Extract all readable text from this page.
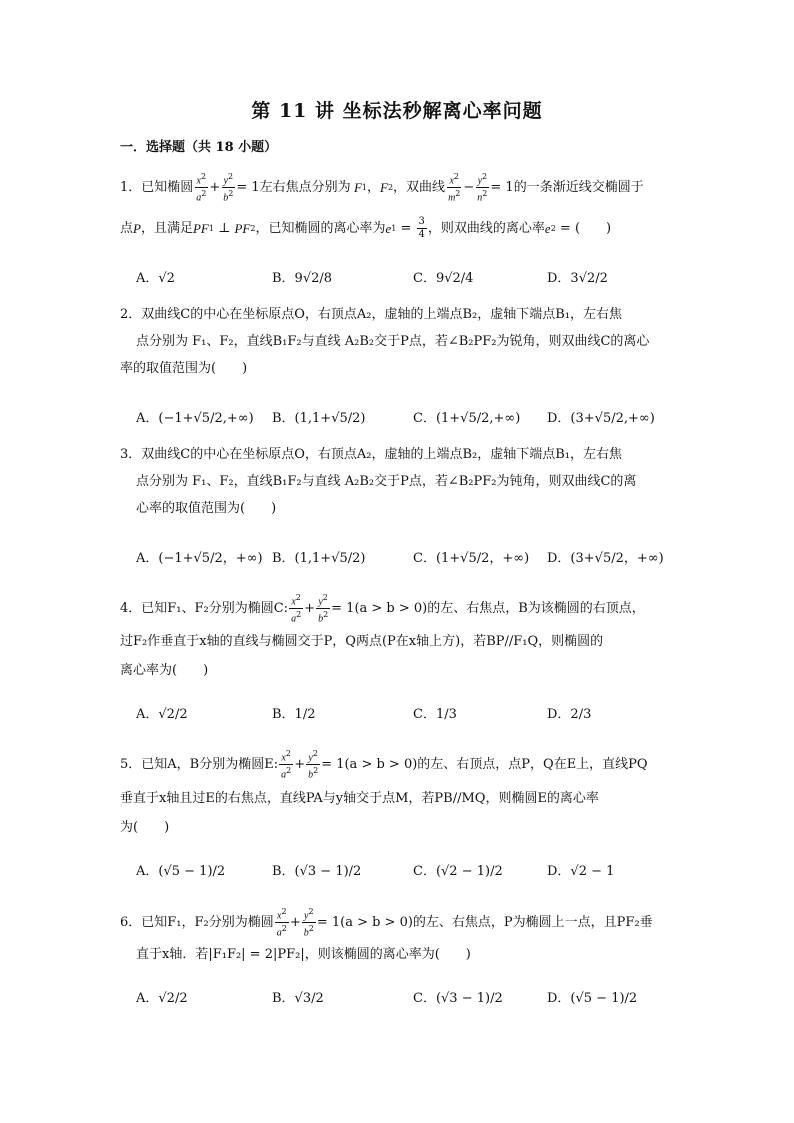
第 11 讲 坐标法秒解离心率问题
一．选择题（共 18 小题）
1．已知椭圆 $\frac{x^2}{a^2} + \frac{y^2}{b^2} = 1$ 左右焦点分别为 F 1 ， F 2 ，双曲线 $\frac{x^2}{m^2} - \frac{y^2}{n^2} = 1$ 的一条渐近线交椭圆于
点 P ，且满足 PF 1 ⊥ PF 2 ，已知椭圆的离心率为 e $1 = \frac{3}{4}$ ，则双曲线的离心率 e 2 = (　　)
A．√2	B．9√2/8	C．9√2/4	D．3√2/2
2．双曲线C的中心在坐标原点O，右顶点A₂，虚轴的上端点B₂，虚轴下端点B₁，左右焦
点分别为 F₁、F₂，直线B₁F₂与直线 A₂B₂交于P点，若∠B₂PF₂为锐角，则双曲线C的离心
率的取值范围为(　　)
A．(−1+√5/2,+∞) B．(1,1+√5/2)	C．(1+√5/2,+∞) D．(3+√5/2,+∞)
3．双曲线C的中心在坐标原点O，右顶点A₂，虚轴的上端点B₂，虚轴下端点B₁，左右焦
点分别为 F₁、F₂，直线B₁F₂与直线 A₂B₂交于P点，若∠B₂PF₂为钝角，则双曲线C的离
心率的取值范围为(　　)
A．(−1+√5/2，+∞) B．(1,1+√5/2)	C．(1+√5/2，+∞) D．(3+√5/2，+∞)
4．已知F₁、F₂分别为椭圆C: $\frac{x^2}{a^2} + \frac{y^2}{b^2} = 1(a > b > 0)$的左、右焦点，B为该椭圆的右顶点，
过F₂作垂直于x轴的直线与椭圆交于P，Q两点(P在x轴上方)，若BP//F₁Q，则椭圆的
离心率为(　　)
A．√2/2	B．1/2	C．1/3	D．2/3
5．已知A，B分别为椭圆E: $\frac{x^2}{a^2} + \frac{y^2}{b^2} = 1(a > b > 0)$的左、右顶点，点P，Q在E上，直线PQ
垂直于x轴且过E的右焦点，直线PA与y轴交于点M，若PB//MQ，则椭圆E的离心率
为(　　)
A．(√5 − 1)/2	B．(√3 − 1)/2	C．(√2 − 1)/2	D．√2 − 1
6．已知F₁，F₂分别为椭圆 $\frac{x^2}{a^2} + \frac{y^2}{b^2} = 1(a > b > 0)$的左、右焦点，P为椭圆上一点，且PF₂垂
直于x轴．若|F₁F₂| = 2|PF₂|，则该椭圆的离心率为(　　)
A．√2/2	B．√3/2	C．(√3 − 1)/2	D．(√5 − 1)/2
